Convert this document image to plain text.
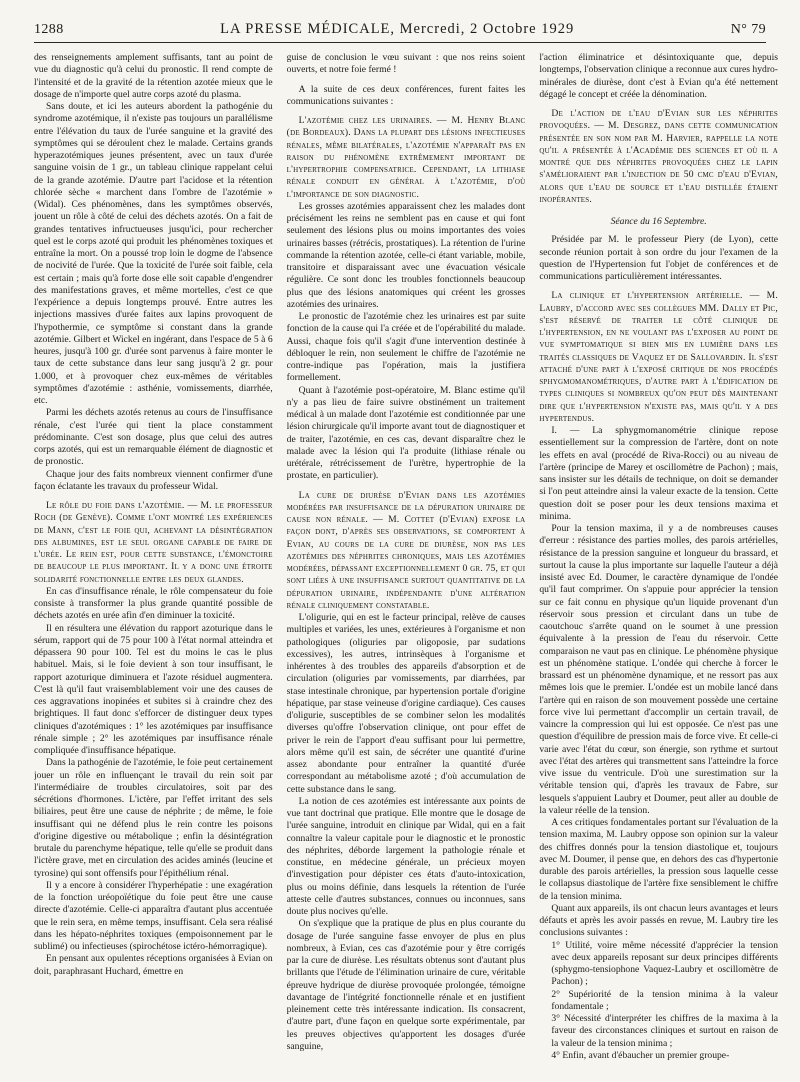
1288	LA PRESSE MÉDICALE, Mercredi, 2 Octobre 1929	N° 79

des renseignements amplement suffisants, tant au point de vue du diagnostic qu'à celui du pronostic. Il rend compte de l'intensité et de la gravité de la rétention azotée mieux que le dosage de n'importe quel autre corps azoté du plasma.

Sans doute, et ici les auteurs abordent la pathogénie du syndrome azotémique, il n'existe pas toujours un parallélisme entre l'élévation du taux de l'urée sanguine et la gravité des symptômes qui se déroulent chez le malade. Certains grands hyperazotémiques jeunes présentent, avec un taux d'urée sanguine voisin de 1 gr., un tableau clinique rappelant celui de la grande azotémie. D'autre part l'acidose et la rétention chlorée sèche « marchent dans l'ombre de l'azotémie » (Widal). Ces phénomènes, dans les symptômes observés, jouent un rôle à côté de celui des déchets azotés. On a fait de grandes tentatives infructueuses jusqu'ici, pour rechercher quel est le corps azoté qui produit les phénomènes toxiques et entraîne la mort. On a poussé trop loin le dogme de l'absence de nocivité de l'urée. Que la toxicité de l'urée soit faible, cela est certain ; mais qu'à forte dose elle soit capable d'engendrer des manifestations graves, et même mortelles, c'est ce que l'expérience a depuis longtemps prouvé. Entre autres les injections massives d'urée faites aux lapins provoquent de l'hypothermie, ce symptôme si constant dans la grande azotémie. Gilbert et Wickel en ingérant, dans l'espace de 5 à 6 heures, jusqu'à 100 gr. d'urée sont parvenus à faire monter le taux de cette substance dans leur sang jusqu'à 2 gr. pour 1.000, et à provoquer chez eux-mêmes de véritables symptômes d'azotémie : asthénie, vomissements, diarrhée, etc.

Parmi les déchets azotés retenus au cours de l'insuffisance rénale, c'est l'urée qui tient la place constamment prédominante. C'est son dosage, plus que celui des autres corps azotés, qui est un remarquable élément de diagnostic et de pronostic.

Chaque jour des faits nombreux viennent confirmer d'une façon éclatante les travaux du professeur Widal.

Le rôle du foie dans l'azotémie. — M. le professeur Roch (de Genève). Comme l'ont montré les expériences de Mann, c'est le foie qui, achevant la désintégration des albumines, est le seul organe capable de faire de l'urée. Le rein est, pour cette substance, l'émonctoire de beaucoup le plus important. Il y a donc une étroite solidarité fonctionnelle entre les deux glandes.

En cas d'insuffisance rénale, le rôle compensateur du foie consiste à transformer la plus grande quantité possible de déchets azotés en urée afin d'en diminuer la toxicité.

Il en résultera une élévation du rapport azoturique dans le sérum, rapport qui de 75 pour 100 à l'état normal atteindra et dépassera 90 pour 100. Tel est du moins le cas le plus habituel. Mais, si le foie devient à son tour insuffisant, le rapport azoturique diminuera et l'azote résiduel augmentera. C'est là qu'il faut vraisemblablement voir une des causes de ces aggravations inopinées et subites si à craindre chez des brightiques. Il faut donc s'efforcer de distinguer deux types cliniques d'azotémiques : 1° les azotémiques par insuffisance rénale simple ; 2° les azotémiques par insuffisance rénale compliquée d'insuffisance hépatique.

Dans la pathogénie de l'azotémie, le foie peut certainement jouer un rôle en influençant le travail du rein soit par l'intermédiaire de troubles circulatoires, soit par des sécrétions d'hormones. L'ictère, par l'effet irritant des sels biliaires, peut être une cause de néphrite ; de même, le foie insuffisant qui ne défend plus le rein contre les poisons d'origine digestive ou métabolique ; enfin la désintégration brutale du parenchyme hépatique, telle qu'elle se produit dans l'ictère grave, met en circulation des acides aminés (leucine et tyrosine) qui sont offensifs pour l'épithélium rénal.

Il y a encore à considérer l'hyperhépatie : une exagération de la fonction uréopoïétique du foie peut être une cause directe d'azotémie. Celle-ci apparaîtra d'autant plus accentuée que le rein sera, en même temps, insuffisant. Cela sera réalisé dans les hépato-néphrites toxiques (empoisonnement par le sublimé) ou infectieuses (spirochétose ictéro-hémorragique).

En pensant aux opulentes réceptions organisées à Evian on doit, paraphrasant Huchard, émettre en

guise de conclusion le vœu suivant : que nos reins soient ouverts, et notre foie fermé !

A la suite de ces deux conférences, furent faites les communications suivantes :

L'azotémie chez les urinaires. — M. Henry Blanc (de Bordeaux). Dans la plupart des lésions infectieuses rénales, même bilatérales, l'azotémie n'apparaît pas en raison du phénomène extrêmement important de l'hypertrophie compensatrice. Cependant, la lithiase rénale conduit en général à l'azotémie, d'où l'importance de son diagnostic.

Les grosses azotémies apparaissent chez les malades dont précisément les reins ne semblent pas en cause et qui font seulement des lésions plus ou moins importantes des voies urinaires basses (rétrécis, prostatiques). La rétention de l'urine commande la rétention azotée, celle-ci étant variable, mobile, transitoire et disparaissant avec une évacuation vésicale régulière. Ce sont donc les troubles fonctionnels beaucoup plus que des lésions anatomiques qui créent les grosses azotémies des urinaires.

Le pronostic de l'azotémie chez les urinaires est par suite fonction de la cause qui l'a créée et de l'opérabilité du malade. Aussi, chaque fois qu'il s'agit d'une intervention destinée à débloquer le rein, non seulement le chiffre de l'azotémie ne contre-indique pas l'opération, mais la justifiera formellement.

Quant à l'azotémie post-opératoire, M. Blanc estime qu'il n'y a pas lieu de faire suivre obstinément un traitement médical à un malade dont l'azotémie est conditionnée par une lésion chirurgicale qu'il importe avant tout de diagnostiquer et de traiter, l'azotémie, en ces cas, devant disparaître chez le malade avec la lésion qui l'a produite (lithiase rénale ou urétérale, rétrécissement de l'urètre, hypertrophie de la prostate, en particulier).

La cure de diurèse d'Evian dans les azotémies modérées par insuffisance de la dépuration urinaire de cause non rénale. — M. Cottet (d'Evian) expose la façon dont, d'après ses observations, se comportent à Evian, au cours de la cure de diurèse, non pas les azotémies des néphrites chroniques, mais les azotémies modérées, dépassant exceptionnellement 0 gr. 75, et qui sont liées à une insuffisance surtout quantitative de la dépuration urinaire, indépendante d'une altération rénale cliniquement constatable.

L'oligurie, qui en est le facteur principal, relève de causes multiples et variées, les unes, extérieures à l'organisme et non pathologiques (oliguries par oligoposie, par sudations excessives), les autres, intrinsèques à l'organisme et inhérentes à des troubles des appareils d'absorption et de circulation (oliguries par vomissements, par diarrhées, par stase intestinale chronique, par hypertension portale d'origine hépatique, par stase veineuse d'origine cardiaque). Ces causes d'oligurie, susceptibles de se combiner selon les modalités diverses qu'offre l'observation clinique, ont pour effet de priver le rein de l'apport d'eau suffisant pour lui permettre, alors même qu'il est sain, de sécréter une quantité d'urine assez abondante pour entraîner la quantité d'urée correspondant au métabolisme azoté ; d'où accumulation de cette substance dans le sang.

La notion de ces azotémies est intéressante aux points de vue tant doctrinal que pratique. Elle montre que le dosage de l'urée sanguine, introduit en clinique par Widal, qui en a fait connaître la valeur capitale pour le diagnostic et le pronostic des néphrites, déborde largement la pathologie rénale et constitue, en médecine générale, un précieux moyen d'investigation pour dépister ces états d'auto-intoxication, plus ou moins définie, dans lesquels la rétention de l'urée atteste celle d'autres substances, connues ou inconnues, sans doute plus nocives qu'elle.

On s'explique que la pratique de plus en plus courante du dosage de l'urée sanguine fasse envoyer de plus en plus nombreux, à Evian, ces cas d'azotémie pour y être corrigés par la cure de diurèse. Les résultats obtenus sont d'autant plus brillants que l'étude de l'élimination urinaire de cure, véritable épreuve hydrique de diurèse provoquée prolongée, témoigne davantage de l'intégrité fonctionnelle rénale et en justifient pleinement cette très intéressante indication. Ils consacrent, d'autre part, d'une façon en quelque sorte expérimentale, par les preuves objectives qu'apportent les dosages d'urée sanguine,

l'action éliminatrice et désintoxiquante que, depuis longtemps, l'observation clinique a reconnue aux cures hydro-minérales de diurèse, dont c'est à Evian qu'a été nettement dégagé le concept et créée la dénomination.

De l'action de l'eau d'Evian sur les néphrites provoquées. — M. Desgrez, dans cette communication présentée en son nom par M. Harvier, rappelle la note qu'il a présentée à l'Académie des sciences et où il a montré que des néphrites provoquées chez le lapin s'amélioraient par l'injection de 50 cmc d'eau d'Evian, alors que l'eau de source et l'eau distillée étaient inopérantes.

Séance du 16 Septembre.

Présidée par M. le professeur Piery (de Lyon), cette seconde réunion portait à son ordre du jour l'examen de la question de l'Hypertension fut l'objet de conférences et de communications particulièrement intéressantes.

La clinique et l'hypertension artérielle. — M. Laubry, d'accord avec ses collègues MM. Dally et Pic, s'est réservé de traiter le côté clinique de l'hypertension, en ne voulant pas l'exposer au point de vue symptomatique si bien mis en lumière dans les traités classiques de Vaquez et de Sallovardin. Il s'est attaché d'une part à l'exposé critique de nos procédés sphygmomanométriques, d'autre part à l'édification de types cliniques si nombreux qu'on peut dès maintenant dire que l'hypertension n'existe pas, mais qu'il y a des hypertendus.

I. — La sphygmomanométrie clinique repose essentiellement sur la compression de l'artère, dont on note les effets en aval (procédé de Riva-Rocci) ou au niveau de l'artère (principe de Marey et oscillomètre de Pachon) ; mais, sans insister sur les détails de technique, on doit se demander si l'on peut atteindre ainsi la valeur exacte de la tension. Cette question doit se poser pour les deux tensions maxima et minima.

Pour la tension maxima, il y a de nombreuses causes d'erreur : résistance des parties molles, des parois artérielles, résistance de la pression sanguine et longueur du brassard, et surtout la cause la plus importante sur laquelle l'auteur a déjà insisté avec Ed. Doumer, le caractère dynamique de l'ondée qu'il faut comprimer. On s'appuie pour apprécier la tension sur ce fait connu en physique qu'un liquide provenant d'un réservoir sous pression et circulant dans un tube de caoutchouc s'arrête quand on le soumet à une pression équivalente à la pression de l'eau du réservoir. Cette comparaison ne vaut pas en clinique. Le phénomène physique est un phénomène statique. L'ondée qui cherche à forcer le brassard est un phénomène dynamique, et ne ressort pas aux mêmes lois que le premier. L'ondée est un mobile lancé dans l'artère qui en raison de son mouvement possède une certaine force vive lui permettant d'accomplir un certain travail, de vaincre la compression qui lui est opposée. Ce n'est pas une question d'équilibre de pression mais de force vive. Et celle-ci varie avec l'état du cœur, son énergie, son rythme et surtout avec l'état des artères qui transmettent sans l'atteindre la force vive issue du ventricule. D'où une surestimation sur la véritable tension qui, d'après les travaux de Fabre, sur lesquels s'appuient Laubry et Doumer, peut aller au double de la valeur réelle de la tension.

A ces critiques fondamentales portant sur l'évaluation de la tension maxima, M. Laubry oppose son opinion sur la valeur des chiffres donnés pour la tension diastolique et, toujours avec M. Doumer, il pense que, en dehors des cas d'hypertonie durable des parois artérielles, la pression sous laquelle cesse le collapsus diastolique de l'artère fixe sensiblement le chiffre de la tension minima.

Quant aux appareils, ils ont chacun leurs avantages et leurs défauts et après les avoir passés en revue, M. Laubry tire les conclusions suivantes :

1° Utilité, voire même nécessité d'apprécier la tension avec deux appareils reposant sur deux principes différents (sphygmo-tensiophone Vaquez-Laubry et oscillomètre de Pachon) ;

2° Supériorité de la tension minima à la valeur fondamentale ;

3° Nécessité d'interpréter les chiffres de la maxima à la faveur des circonstances cliniques et surtout en raison de la valeur de la tension minima ;

4° Enfin, avant d'ébaucher un premier groupe-
